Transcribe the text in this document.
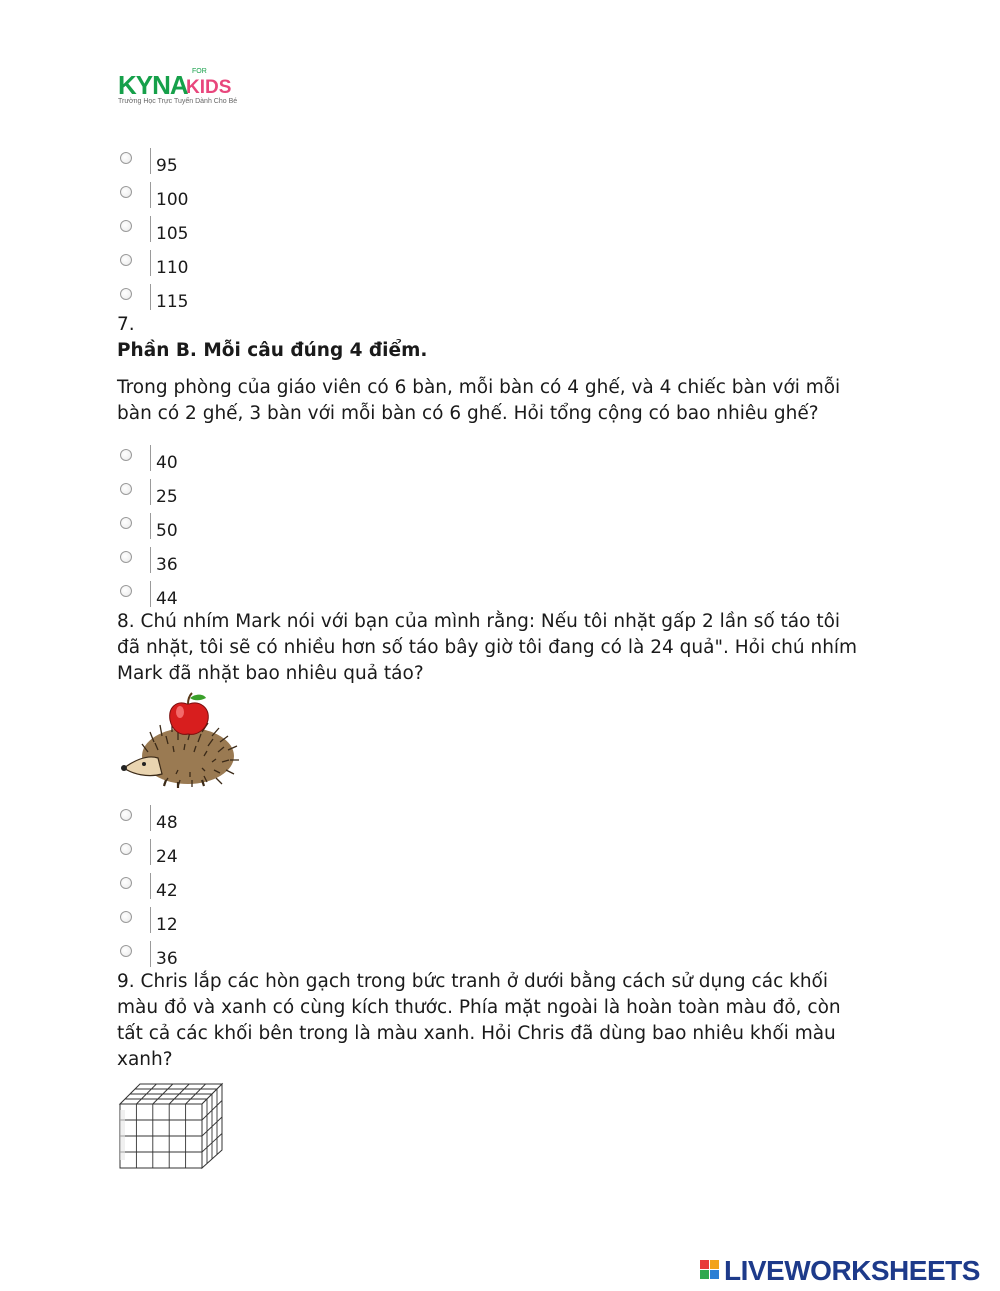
KYNA FOR
KIDS
Trường Học Trực Tuyến Dành Cho Bé
95
100
105
110
115
7.
Phần B. Mỗi câu đúng 4 điểm.
Trong phòng của giáo viên có 6 bàn, mỗi bàn có 4 ghế, và 4 chiếc bàn với mỗi
bàn có 2 ghế, 3 bàn với mỗi bàn có 6 ghế. Hỏi tổng cộng có bao nhiêu ghế?
40
25
50
36
44
8. Chú nhím Mark nói với bạn của mình rằng: Nếu tôi nhặt gấp 2 lần số táo tôi
đã nhặt, tôi sẽ có nhiều hơn số táo bây giờ tôi đang có là 24 quả". Hỏi chú nhím
Mark đã nhặt bao nhiêu quả táo?
48
24
42
12
36
9. Chris lắp các hòn gạch trong bức tranh ở dưới bằng cách sử dụng các khối
màu đỏ và xanh có cùng kích thước. Phía mặt ngoài là hoàn toàn màu đỏ, còn
tất cả các khối bên trong là màu xanh. Hỏi Chris đã dùng bao nhiêu khối màu
xanh?
LIVEWORKSHEETS
